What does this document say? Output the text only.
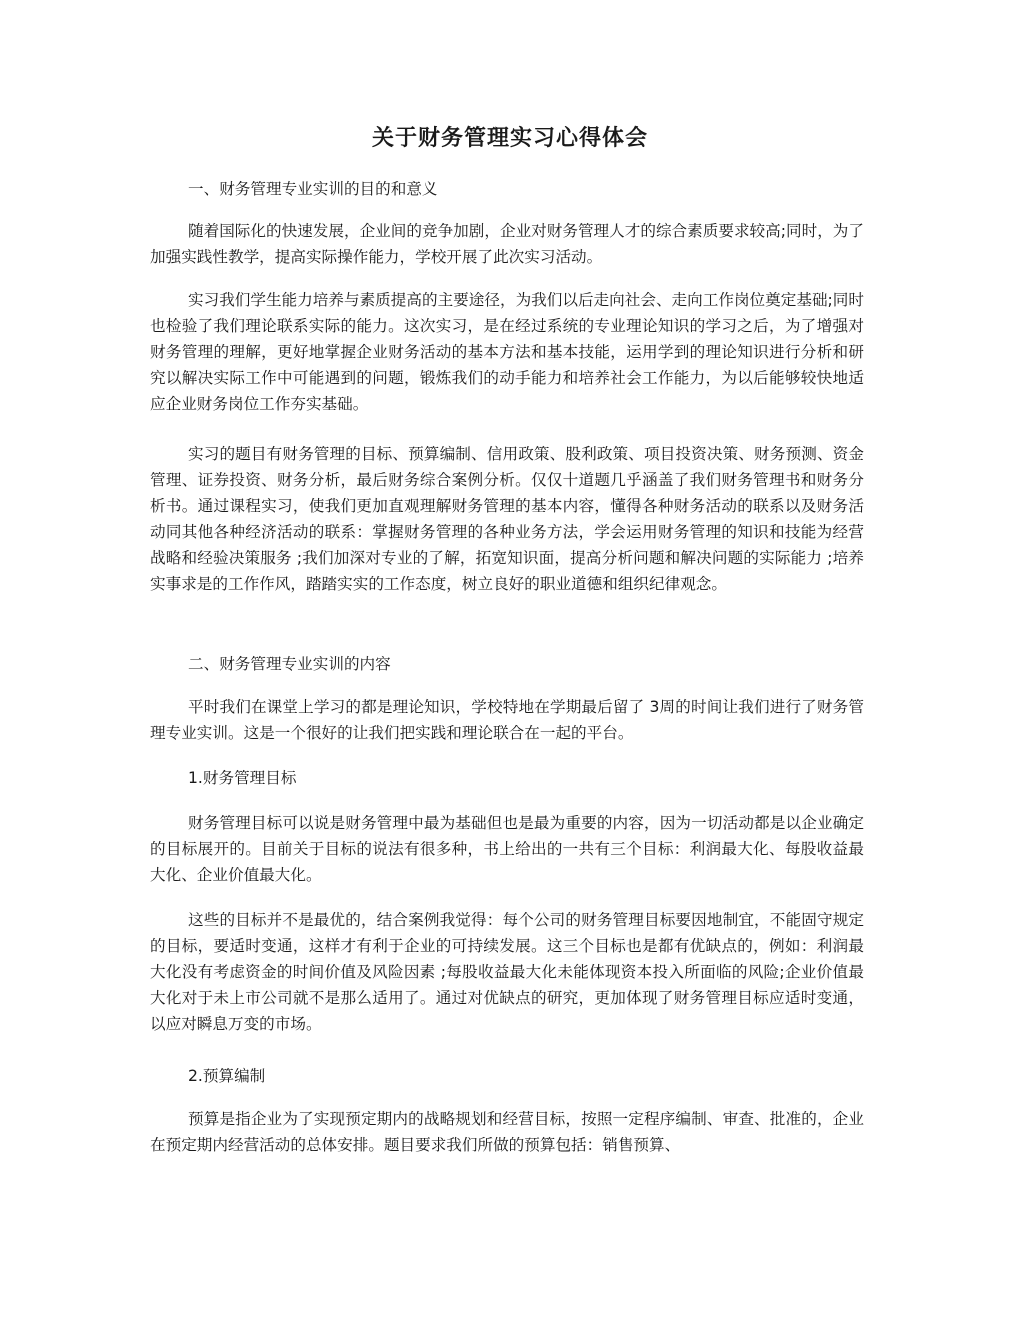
关于财务管理实习心得体会

一、财务管理专业实训的目的和意义

随着国际化的快速发展，企业间的竞争加剧，企业对财务管理人才的综合素质要求较高;同时，为了加强实践性教学，提高实际操作能力，学校开展了此次实习活动。

实习我们学生能力培养与素质提高的主要途径，为我们以后走向社会、走向工作岗位奠定基础;同时也检验了我们理论联系实际的能力。这次实习，是在经过系统的专业理论知识的学习之后，为了增强对财务管理的理解，更好地掌握企业财务活动的基本方法和基本技能，运用学到的理论知识进行分析和研究以解决实际工作中可能遇到的问题，锻炼我们的动手能力和培养社会工作能力，为以后能够较快地适应企业财务岗位工作夯实基础。

实习的题目有财务管理的目标、预算编制、信用政策、股利政策、项目投资决策、财务预测、资金管理、证券投资、财务分析，最后财务综合案例分析。仅仅十道题几乎涵盖了我们财务管理书和财务分析书。通过课程实习，使我们更加直观理解财务管理的基本内容，懂得各种财务活动的联系以及财务活动同其他各种经济活动的联系：掌握财务管理的各种业务方法，学会运用财务管理的知识和技能为经营战略和经验决策服务 ;我们加深对专业的了解，拓宽知识面，提高分析问题和解决问题的实际能力 ;培养实事求是的工作作风，踏踏实实的工作态度，树立良好的职业道德和组织纪律观念。

二、财务管理专业实训的内容

平时我们在课堂上学习的都是理论知识，学校特地在学期最后留了 3周的时间让我们进行了财务管理专业实训。这是一个很好的让我们把实践和理论联合在一起的平台。

1.财务管理目标

财务管理目标可以说是财务管理中最为基础但也是最为重要的内容，因为一切活动都是以企业确定的目标展开的。目前关于目标的说法有很多种，书上给出的一共有三个目标：利润最大化、每股收益最大化、企业价值最大化。

这些的目标并不是最优的，结合案例我觉得：每个公司的财务管理目标要因地制宜，不能固守规定的目标，要适时变通，这样才有利于企业的可持续发展。这三个目标也是都有优缺点的，例如：利润最大化没有考虑资金的时间价值及风险因素 ;每股收益最大化未能体现资本投入所面临的风险;企业价值最大化对于未上市公司就不是那么适用了。通过对优缺点的研究，更加体现了财务管理目标应适时变通，以应对瞬息万变的市场。

2.预算编制

预算是指企业为了实现预定期内的战略规划和经营目标，按照一定程序编制、审查、批准的，企业在预定期内经营活动的总体安排。题目要求我们所做的预算包括：销售预算、
